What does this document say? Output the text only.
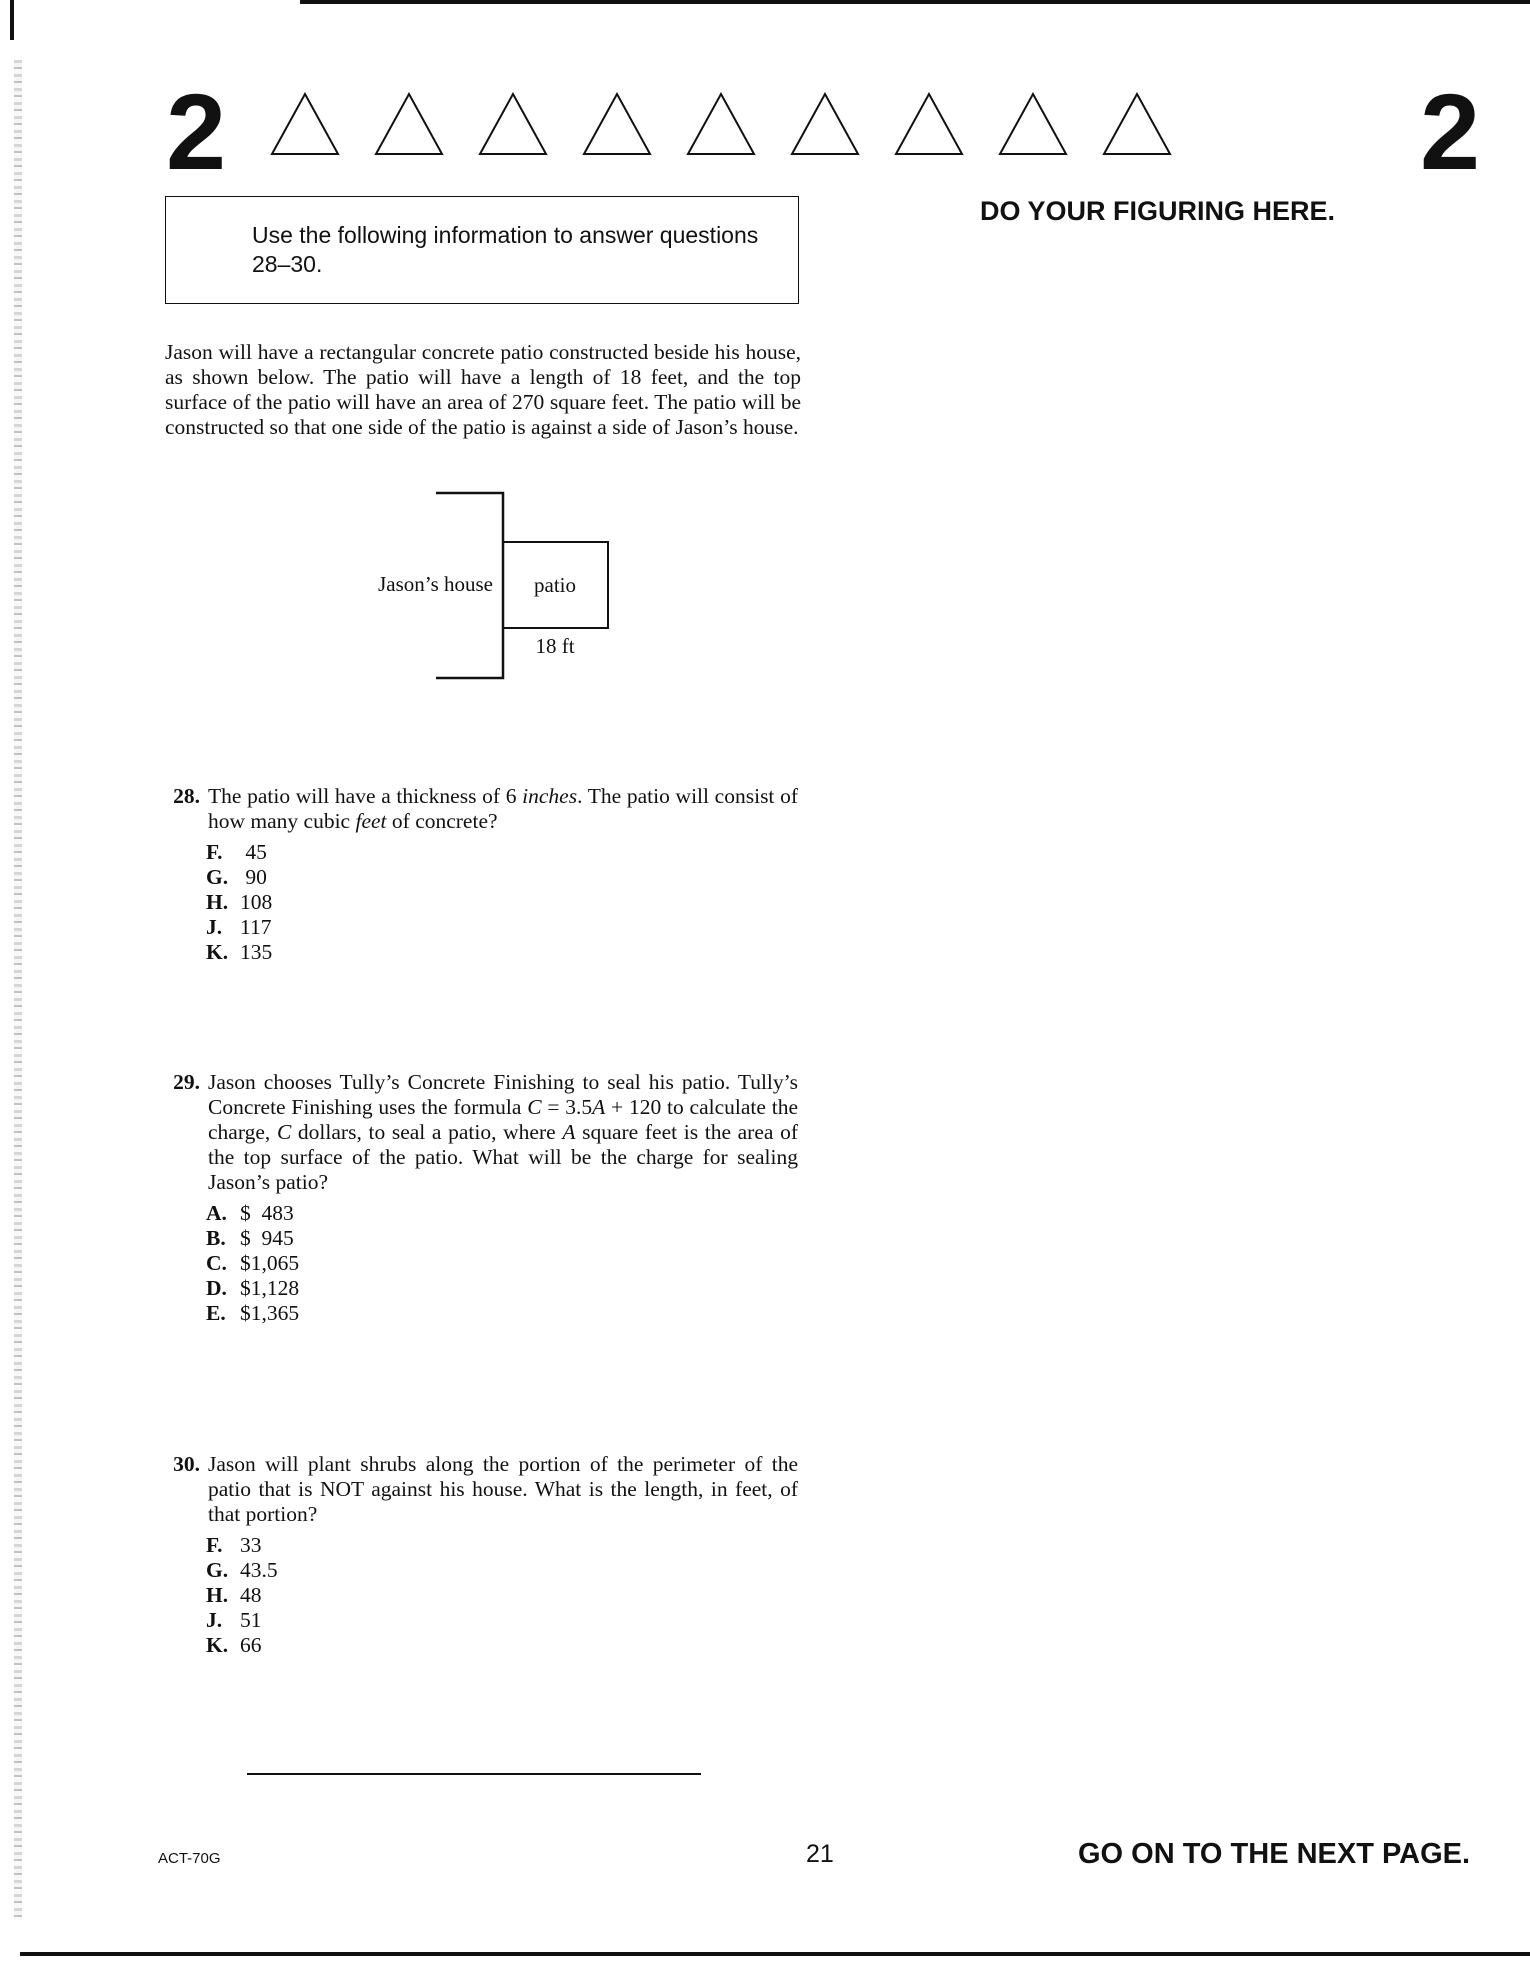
2	2
DO YOUR FIGURING HERE.
Use the following information to answer questions 28–30.
Jason will have a rectangular concrete patio constructed beside his house, as shown below. The patio will have a length of 18 feet, and the top surface of the patio will have an area of 270 square feet. The patio will be constructed so that one side of the patio is against a side of Jason’s house.
Jason’s house patio
18 ft
28. The patio will have a thickness of 6 inches. The patio will consist of how many cubic feet of concrete?
F. 45
G. 90
H. 108
J. 117
K. 135
29. Jason chooses Tully’s Concrete Finishing to seal his patio. Tully’s Concrete Finishing uses the formula C = 3.5A + 120 to calculate the charge, C dollars, to seal a patio, where A square feet is the area of the top surface of the patio. What will be the charge for sealing Jason’s patio?
A. $  483
B. $  945
C. $1,065
D. $1,128
E. $1,365
30. Jason will plant shrubs along the portion of the perimeter of the patio that is NOT against his house. What is the length, in feet, of that portion?
F. 33
G. 43.5
H. 48
J. 51
K. 66
ACT-70G	21	GO ON TO THE NEXT PAGE.
